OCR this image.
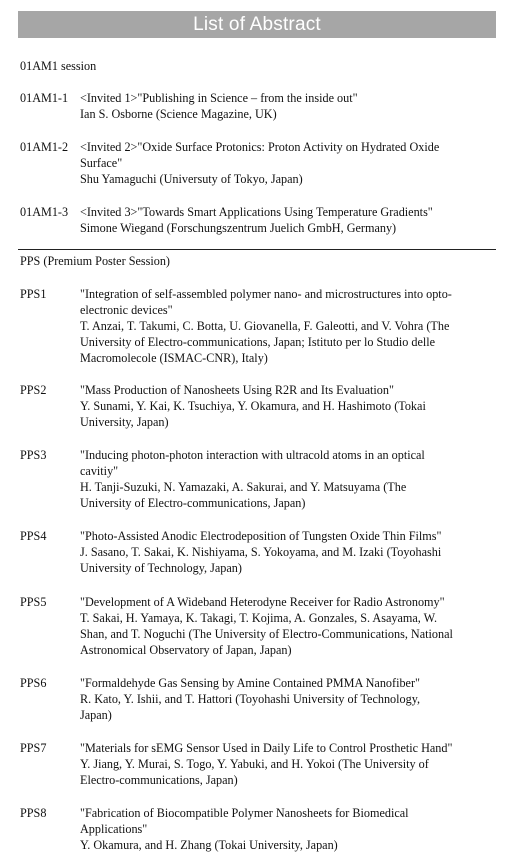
List of Abstract
01AM1 session
01AM1-1 <Invited 1>"Publishing in Science – from the inside out"
Ian S. Osborne (Science Magazine, UK)
01AM1-2 <Invited 2>"Oxide Surface Protonics: Proton Activity on Hydrated Oxide
Surface"
Shu Yamaguchi (Universuty of Tokyo, Japan)
01AM1-3 <Invited 3>"Towards Smart Applications Using Temperature Gradients"
Simone Wiegand (Forschungszentrum Juelich GmbH, Germany)
PPS (Premium Poster Session)
PPS1	"Integration of self-assembled polymer nano- and microstructures into opto-
electronic devices"
T. Anzai, T. Takumi, C. Botta, U. Giovanella, F. Galeotti, and V. Vohra (The
University of Electro-communications, Japan; Istituto per lo Studio delle
Macromolecole (ISMAC-CNR), Italy)
PPS2	"Mass Production of Nanosheets Using R2R and Its Evaluation"
Y. Sunami, Y. Kai, K. Tsuchiya, Y. Okamura, and H. Hashimoto (Tokai
University, Japan)
PPS3	"Inducing photon-photon interaction with ultracold atoms in an optical
cavitiy"
H. Tanji-Suzuki, N. Yamazaki, A. Sakurai, and Y. Matsuyama (The
University of Electro-communications, Japan)
PPS4	"Photo-Assisted Anodic Electrodeposition of Tungsten Oxide Thin Films"
J. Sasano, T. Sakai, K. Nishiyama, S. Yokoyama, and M. Izaki (Toyohashi
University of Technology, Japan)
PPS5	"Development of A Wideband Heterodyne Receiver for Radio Astronomy"
T. Sakai, H. Yamaya, K. Takagi, T. Kojima, A. Gonzales, S. Asayama, W.
Shan, and T. Noguchi (The University of Electro-Communications, National
Astronomical Observatory of Japan, Japan)
PPS6	"Formaldehyde Gas Sensing by Amine Contained PMMA Nanofiber"
R. Kato, Y. Ishii, and T. Hattori (Toyohashi University of Technology,
Japan)
PPS7	"Materials for sEMG Sensor Used in Daily Life to Control Prosthetic Hand"
Y. Jiang, Y. Murai, S. Togo, Y. Yabuki, and H. Yokoi (The University of
Electro-communications, Japan)
PPS8	"Fabrication of Biocompatible Polymer Nanosheets for Biomedical
Applications"
Y. Okamura, and H. Zhang (Tokai University, Japan)
